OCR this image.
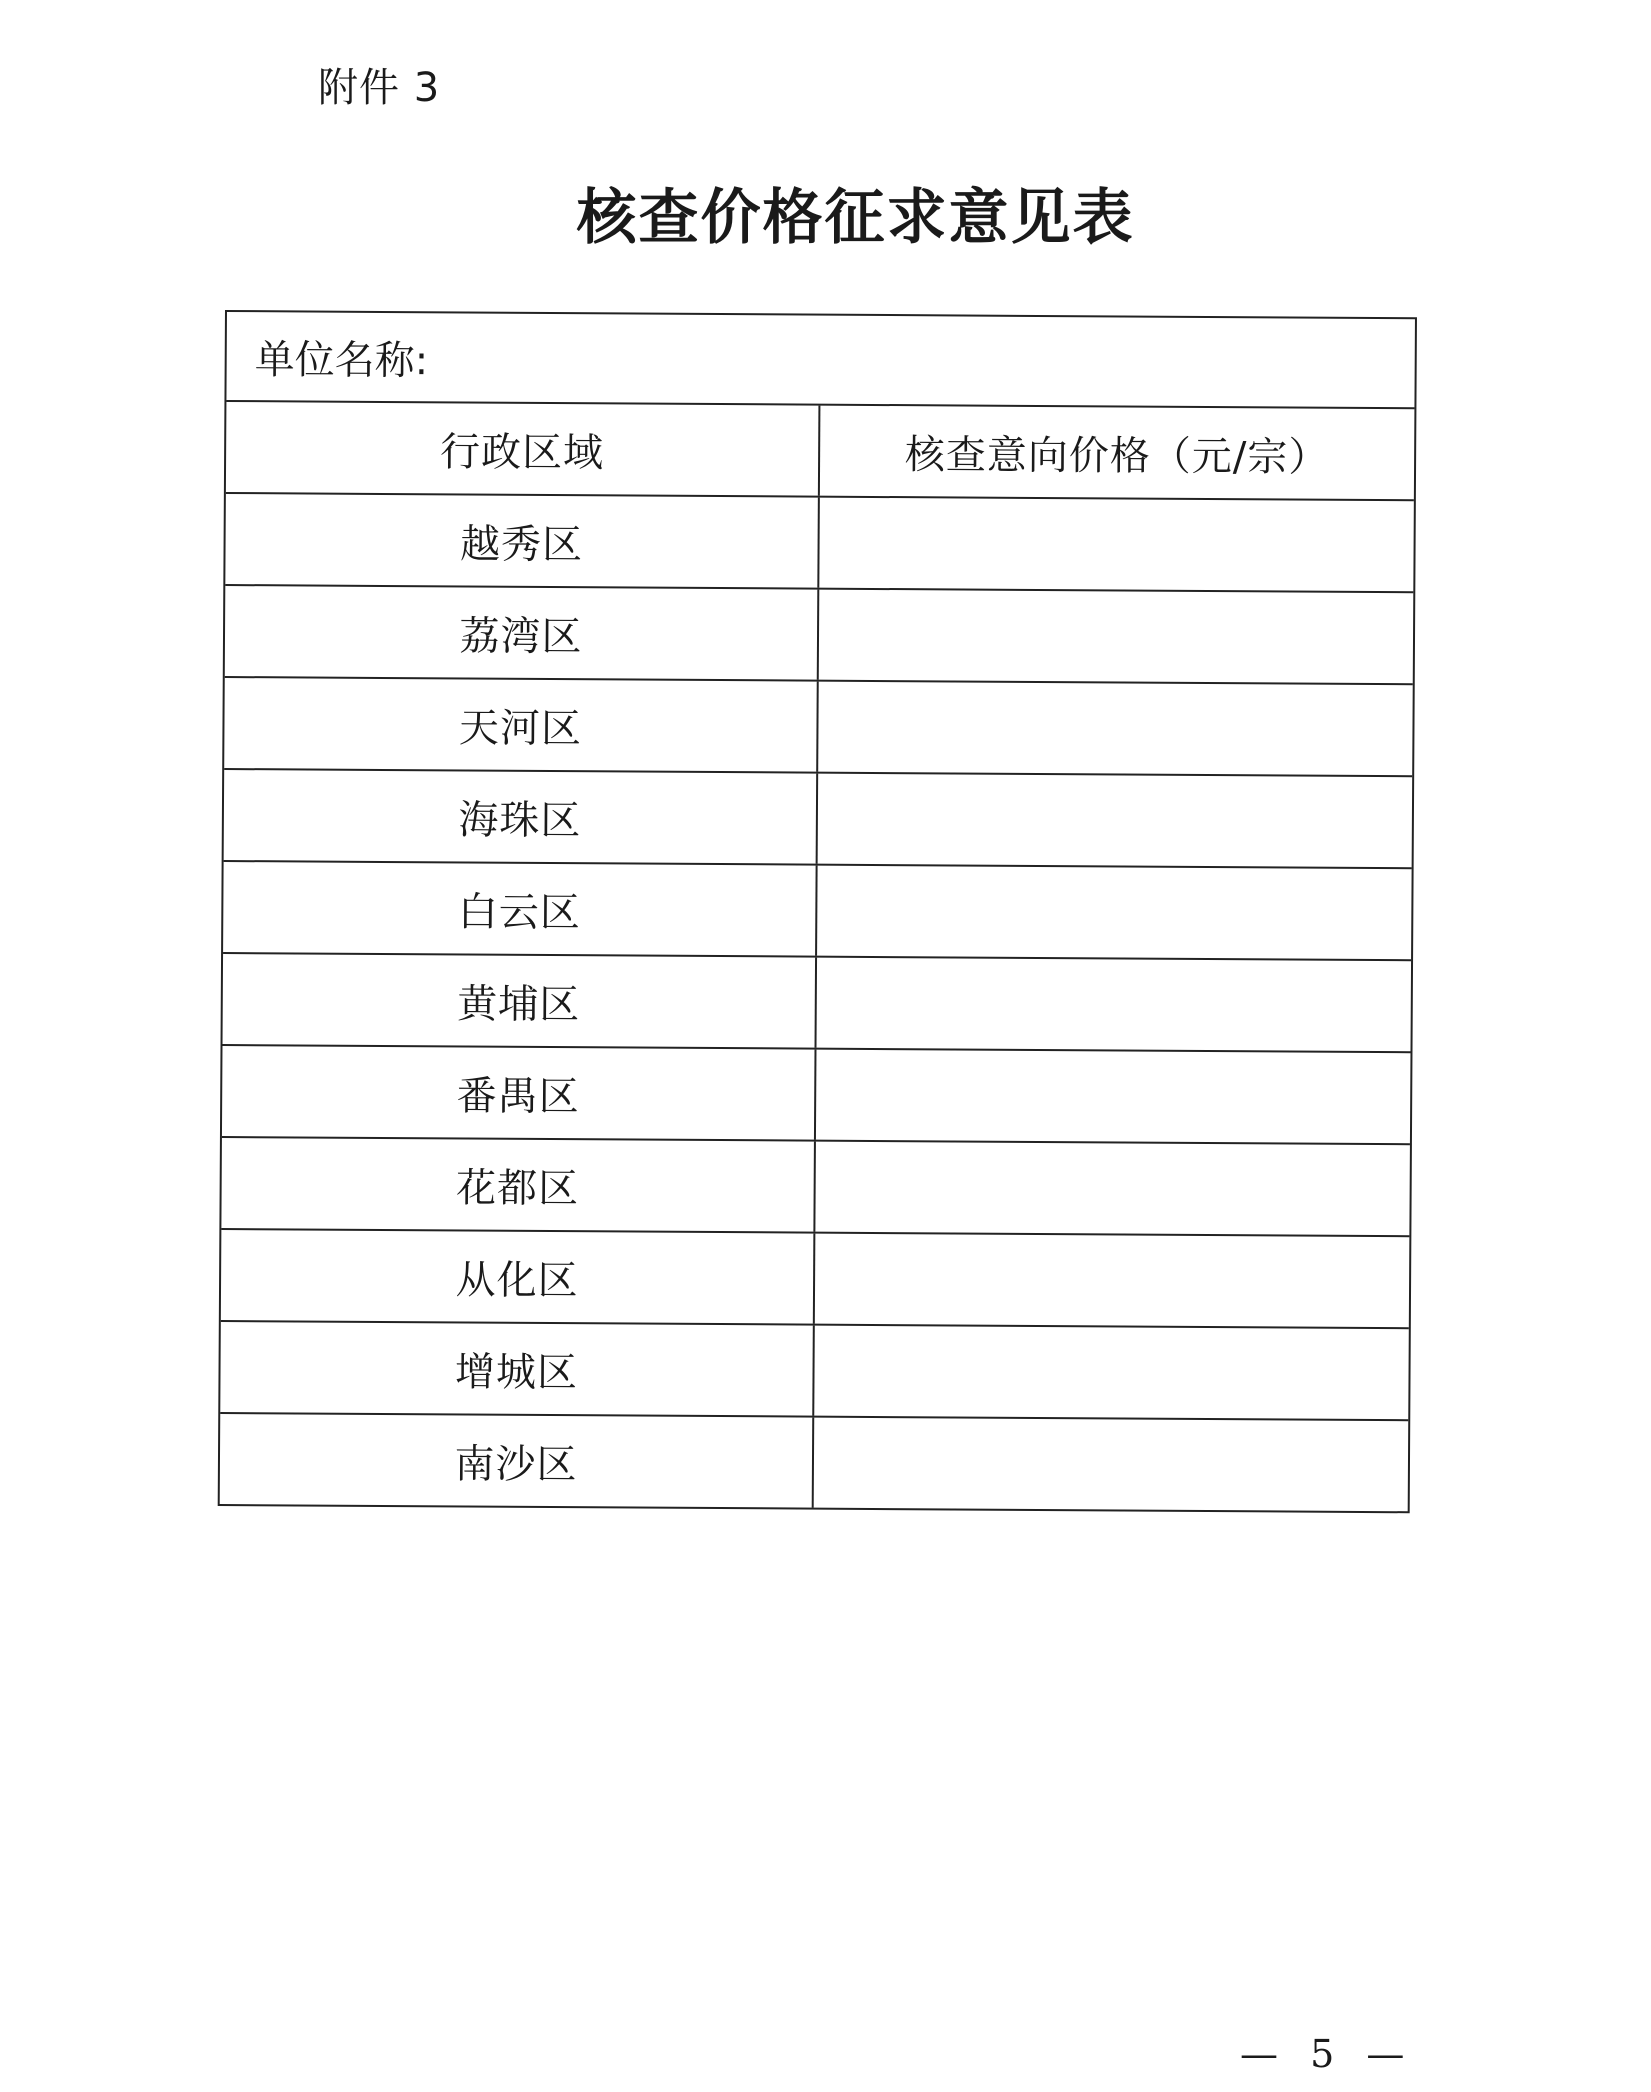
附件 3
核查价格征求意见表
单位名称:
行政区域	核查意向价格（元/宗）
越秀区
荔湾区
天河区
海珠区
白云区
黄埔区
番禺区
花都区
从化区
增城区
南沙区
— 5 —
